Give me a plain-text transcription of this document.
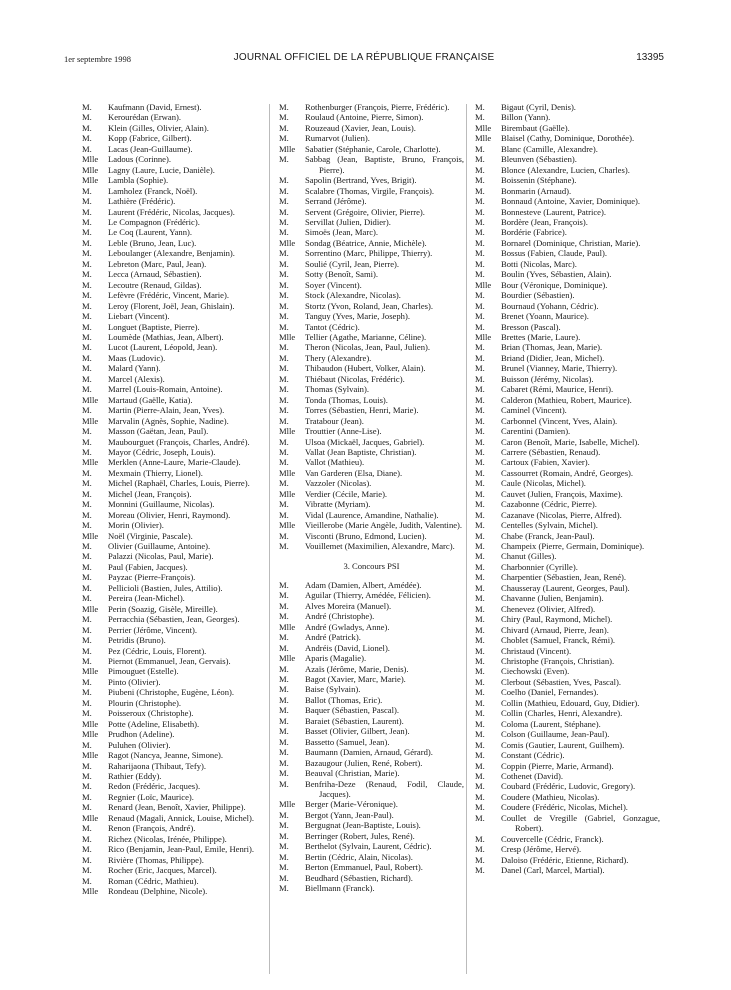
1er septembre 1998	JOURNAL OFFICIEL DE LA RÉPUBLIQUE FRANÇAISE	13395
M.	Kaufmann (David, Ernest).
M.	Kerourédan (Erwan).
M.	Klein (Gilles, Olivier, Alain).
M.	Kopp (Fabrice, Gilbert).
M.	Lacas (Jean-Guillaume).
Mlle	Ladous (Corinne).
Mlle	Lagny (Laure, Lucie, Danièle).
Mlle	Lambla (Sophie).
M.	Lamholez (Franck, Noël).
M.	Lathière (Frédéric).
M.	Laurent (Frédéric, Nicolas, Jacques).
M.	Le Compagnon (Frédéric).
M.	Le Coq (Laurent, Yann).
M.	Leble (Bruno, Jean, Luc).
M.	Leboulanger (Alexandre, Benjamin).
M.	Lebreton (Marc, Paul, Jean).
M.	Lecca (Arnaud, Sébastien).
M.	Lecoutre (Renaud, Gildas).
M.	Lefèvre (Frédéric, Vincent, Marie).
M.	Leroy (Florent, Joël, Jean, Ghislain).
M.	Liebart (Vincent).
M.	Longuet (Baptiste, Pierre).
M.	Loumède (Mathias, Jean, Albert).
M.	Lucot (Laurent, Léopold, Jean).
M.	Maas (Ludovic).
M.	Malard (Yann).
M.	Marcel (Alexis).
M.	Marrel (Louis-Romain, Antoine).
Mlle	Martaud (Gaëlle, Katia).
M.	Martin (Pierre-Alain, Jean, Yves).
Mlle	Marvalin (Agnès, Sophie, Nadine).
M.	Masson (Gaëtan, Jean, Paul).
M.	Maubourguet (François, Charles, André).
M.	Mayor (Cédric, Joseph, Louis).
Mlle	Merklen (Anne-Laure, Marie-Claude).
M.	Mexmain (Thierry, Lionel).
M.	Michel (Raphaël, Charles, Louis, Pierre).
M.	Michel (Jean, François).
M.	Monnini (Guillaume, Nicolas).
M.	Moreau (Olivier, Henri, Raymond).
M.	Morin (Olivier).
Mlle	Noël (Virginie, Pascale).
M.	Olivier (Guillaume, Antoine).
M.	Palazzi (Nicolas, Paul, Marie).
M.	Paul (Fabien, Jacques).
M.	Payzac (Pierre-François).
M.	Pellicioli (Bastien, Jules, Attilio).
M.	Pereira (Jean-Michel).
Mlle	Perin (Soazig, Gisèle, Mireille).
M.	Perracchia (Sébastien, Jean, Georges).
M.	Perrier (Jérôme, Vincent).
M.	Petridis (Bruno).
M.	Pez (Cédric, Louis, Florent).
M.	Piernot (Emmanuel, Jean, Gervais).
Mlle	Pimouguet (Estelle).
M.	Pinto (Olivier).
M.	Piubeni (Christophe, Eugène, Léon).
M.	Plourin (Christophe).
M.	Poisseroux (Christophe).
Mlle	Potte (Adeline, Elisabeth).
Mlle	Prudhon (Adeline).
M.	Puluhen (Olivier).
Mlle	Ragot (Nancya, Jeanne, Simone).
M.	Raharijaona (Thibaut, Tefy).
M.	Rathier (Eddy).
M.	Redon (Frédéric, Jacques).
M.	Regnier (Loïc, Maurice).
M.	Renard (Jean, Benoît, Xavier, Philippe).
Mlle	Renaud (Magali, Annick, Louise, Michel).
M.	Renon (François, André).
M.	Richez (Nicolas, Irénée, Philippe).
M.	Rico (Benjamin, Jean-Paul, Emile, Henri).
M.	Rivière (Thomas, Philippe).
M.	Rocher (Eric, Jacques, Marcel).
M.	Roman (Cédric, Mathieu).
Mlle	Rondeau (Delphine, Nicole).
M.	Rothenburger (François, Pierre, Frédéric).
M.	Roulaud (Antoine, Pierre, Simon).
M.	Rouzeaud (Xavier, Jean, Louis).
M.	Rumarvot (Julien).
Mlle	Sabatier (Stéphanie, Carole, Charlotte).
M.	Sabbag (Jean, Baptiste, Bruno, François, Pierre).
M.	Sapolin (Bertrand, Yves, Brigit).
M.	Scalabre (Thomas, Virgile, François).
M.	Serrand (Jérôme).
M.	Servent (Grégoire, Olivier, Pierre).
M.	Servillat (Julien, Didier).
M.	Simoës (Jean, Marc).
Mlle	Sondag (Béatrice, Annie, Michèle).
M.	Sorrentino (Marc, Philippe, Thierry).
M.	Soulié (Cyril, Jean, Pierre).
M.	Sotty (Benoît, Sami).
M.	Soyer (Vincent).
M.	Stock (Alexandre, Nicolas).
M.	Stortz (Yvon, Roland, Jean, Charles).
M.	Tanguy (Yves, Marie, Joseph).
M.	Tantot (Cédric).
Mlle	Tellier (Agathe, Marianne, Céline).
M.	Theron (Nicolas, Jean, Paul, Julien).
M.	Thery (Alexandre).
M.	Thibaudon (Hubert, Volker, Alain).
M.	Thiébaut (Nicolas, Frédéric).
M.	Thomas (Sylvain).
M.	Tonda (Thomas, Louis).
M.	Torres (Sébastien, Henri, Marie).
M.	Tratabour (Jean).
Mlle	Trouttier (Anne-Lise).
M.	Ulsoa (Mickaël, Jacques, Gabriel).
M.	Vallat (Jean Baptiste, Christian).
M.	Vallot (Mathieu).
Mlle	Van Garderen (Elsa, Diane).
M.	Vazzoler (Nicolas).
Mlle	Verdier (Cécile, Marie).
M.	Vibratte (Myriam).
M.	Vidal (Laurence, Amandine, Nathalie).
Mlle	Vieillerobe (Marie Angèle, Judith, Valentine).
M.	Visconti (Bruno, Edmond, Lucien).
M.	Vouillemet (Maximilien, Alexandre, Marc).
3. Concours PSI
M.	Adam (Damien, Albert, Amédée).
M.	Aguilar (Thierry, Amédée, Félicien).
M.	Alves Moreira (Manuel).
M.	André (Christophe).
Mlle	André (Gwladys, Anne).
M.	André (Patrick).
M.	Andréis (David, Lionel).
Mlle	Aparis (Magalie).
M.	Azaïs (Jérôme, Marie, Denis).
M.	Bagot (Xavier, Marc, Marie).
M.	Baise (Sylvain).
M.	Ballot (Thomas, Eric).
M.	Baquer (Sébastien, Pascal).
M.	Baraiet (Sébastien, Laurent).
M.	Basset (Olivier, Gilbert, Jean).
M.	Bassetto (Samuel, Jean).
M.	Baumann (Damien, Arnaud, Gérard).
M.	Bazaugour (Julien, René, Robert).
M.	Beauval (Christian, Marie).
M.	Benfriha-Deze (Renaud, Fodil, Claude, Jacques).
Mlle	Berger (Marie-Véronique).
M.	Bergot (Yann, Jean-Paul).
M.	Bergugnat (Jean-Baptiste, Louis).
M.	Berringer (Robert, Jules, René).
M.	Berthelot (Sylvain, Laurent, Cédric).
M.	Bertin (Cédric, Alain, Nicolas).
M.	Berton (Emmanuel, Paul, Robert).
M.	Beudhard (Sébastien, Richard).
M.	Biellmann (Franck).
M.	Bigaut (Cyril, Denis).
M.	Billon (Yann).
Mlle	Birembaut (Gaëlle).
Mlle	Blaisel (Cathy, Dominique, Dorothée).
M.	Blanc (Camille, Alexandre).
M.	Bleunven (Sébastien).
M.	Blonce (Alexandre, Lucien, Charles).
M.	Boissenin (Stéphane).
M.	Bonmarin (Arnaud).
M.	Bonnaud (Antoine, Xavier, Dominique).
M.	Bonnesteve (Laurent, Patrice).
M.	Bordère (Jean, François).
M.	Bordérie (Fabrice).
M.	Bornarel (Dominique, Christian, Marie).
M.	Bossus (Fabien, Claude, Paul).
M.	Botti (Nicolas, Marc).
M.	Boulin (Yves, Sébastien, Alain).
Mlle	Bour (Véronique, Dominique).
M.	Bourdier (Sébastien).
M.	Bournaud (Yohann, Cédric).
M.	Brenet (Yoann, Maurice).
M.	Bresson (Pascal).
Mlle	Brettes (Marie, Laure).
M.	Brian (Thomas, Jean, Marie).
M.	Briand (Didier, Jean, Michel).
M.	Brunel (Vianney, Marie, Thierry).
M.	Buisson (Jérémy, Nicolas).
M.	Cabaret (Rémi, Maurice, Henri).
M.	Calderon (Mathieu, Robert, Maurice).
M.	Caminel (Vincent).
M.	Carbonnel (Vincent, Yves, Alain).
M.	Carentini (Damien).
M.	Caron (Benoît, Marie, Isabelle, Michel).
M.	Carrere (Sébastien, Renaud).
M.	Cartoux (Fabien, Xavier).
M.	Cassourret (Romain, André, Georges).
M.	Caule (Nicolas, Michel).
M.	Cauvet (Julien, François, Maxime).
M.	Cazabonne (Cédric, Pierre).
M.	Cazanave (Nicolas, Pierre, Alfred).
M.	Centelles (Sylvain, Michel).
M.	Chabe (Franck, Jean-Paul).
M.	Champeix (Pierre, Germain, Dominique).
M.	Chanut (Gilles).
M.	Charbonnier (Cyrille).
M.	Charpentier (Sébastien, Jean, René).
M.	Chausseray (Laurent, Georges, Paul).
M.	Chavanne (Julien, Benjamin).
M.	Chenevez (Olivier, Alfred).
M.	Chiry (Paul, Raymond, Michel).
M.	Chivard (Arnaud, Pierre, Jean).
M.	Choblet (Samuel, Franck, Rémi).
M.	Christaud (Vincent).
M.	Christophe (François, Christian).
M.	Ciechowski (Even).
M.	Clerbout (Sébastien, Yves, Pascal).
M.	Coelho (Daniel, Fernandes).
M.	Collin (Mathieu, Edouard, Guy, Didier).
M.	Collin (Charles, Henri, Alexandre).
M.	Coloma (Laurent, Stéphane).
M.	Colson (Guillaume, Jean-Paul).
M.	Comis (Gautier, Laurent, Guilhem).
M.	Constant (Cédric).
M.	Coppin (Pierre, Marie, Armand).
M.	Cothenet (David).
M.	Coubard (Frédéric, Ludovic, Gregory).
M.	Coudere (Mathieu, Nicolas).
M.	Coudere (Frédéric, Nicolas, Michel).
M.	Coullet de Vregille (Gabriel, Gonzague, Robert).
M.	Couvercelle (Cédric, Franck).
M.	Cresp (Jérôme, Hervé).
M.	Daloiso (Frédéric, Etienne, Richard).
M.	Danel (Carl, Marcel, Martial).
